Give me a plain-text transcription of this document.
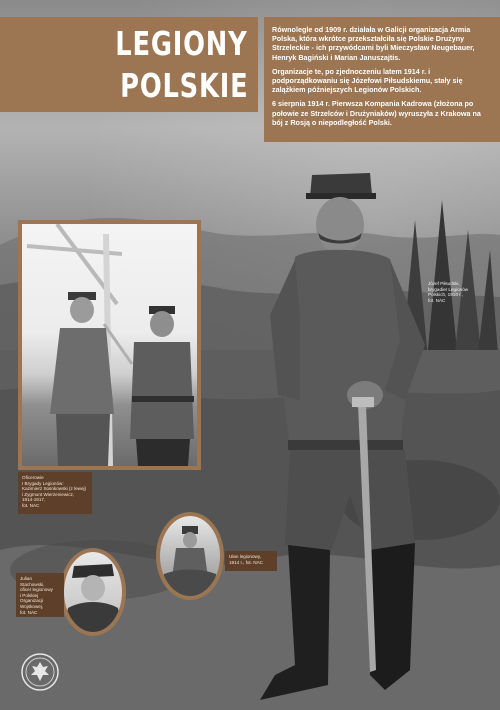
LEGIONY
POLSKIE

Równolegle od 1909 r. działała w Galicji organizacja Armia Polska, która wkrótce przekształciła się Polskie Drużyny Strzeleckie - ich przywódcami byli Mieczysław Neugebauer, Henryk Bagiński i Marian Januszajtis.

Organizacje te, po zjednoczeniu latem 1914 r. i podporządkowaniu się Józefowi Piłsudskiemu, stały się zalążkiem późniejszych Legionów Polskich.

6 sierpnia 1914 r. Pierwsza Kompania Kadrowa (złożona po połowie ze Strzelców i Drużyniaków) wyruszyła z Krakowa na bój z Rosją o niepodległość Polski.

Oficerowie
I Brygady Legionów:
Kazimierz Sosnkowski (z lewej)
i Zygmunt Wierzeniewicz,
1914-1917,
fot. NAC
Józef Piłsudski,
brygadier Legionów
Polskich, 1916 r.,
fot. NAC
Ułan legionowy,
1914 r., fot. NAC
Julian
Stachowski,
oficer legionowy
i Polskiej
Organizacji
Wojskowej,
fot. NAC
